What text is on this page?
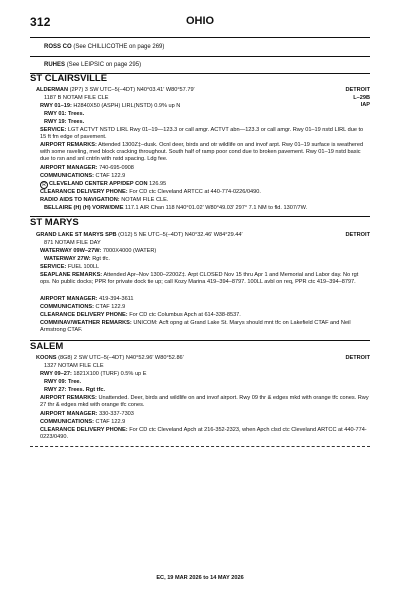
312	OHIO
ROSS CO (See CHILLICOTHE on page 269)
RUHES (See LEIPSIC on page 295)
ST CLAIRSVILLE
ALDERMAN (2P7) 3 SW UTC–5(–4DT) N40°03.41′ W80°57.79′	DETROIT
L–29B
IAP
1187 B NOTAM FILE CLE
RWY 01–19: H2840X50 (ASPH) LIRL(NSTD) 0.9% up N
RWY 01: Trees.
RWY 19: Trees.
SERVICE: LGT ACTVT NSTD LIRL Rwy 01–19—123.3 or call amgr. ACTVT abn—123.3 or call amgr. Rwy 01–19 nstd LIRL due to 15 ft fm edge of pavement.
AIRPORT REMARKS: Attended 1300Z‡–dusk. Ocnl deer, birds and otr wildlife on and invof arpt. Rwy 01–19 surface is weathered with some raveling, med block cracking throughout. South half of ramp poor cond due to broken pavement. Rwy 01–19 nstd basic due to rsn and snl cntrln with nstd spacing. Ldg fee.
AIRPORT MANAGER: 740-695-0908
COMMUNICATIONS: CTAF 122.9
R CLEVELAND CENTER APP/DEP CON 126.95
CLEARANCE DELIVERY PHONE: For CD ctc Cleveland ARTCC at 440-774-0226/0490.
RADIO AIDS TO NAVIGATION: NOTAM FILE CLE.
BELLAIRE (H) (H) VORW/DME 117.1 AIR Chan 118 N40°01.02′ W80°49.03′ 297° 7.1 NM to fld. 1307/7W.
ST MARYS
GRAND LAKE ST MARYS SPB (O12) 5 NE UTC–5(–4DT) N40°32.46′ W84°29.44′	DETROIT
871 NOTAM FILE DAY
WATERWAY 09W–27W: 7000X4000 (WATER)
WATERWAY 27W: Rgt tfc.
SERVICE: FUEL 100LL
SEAPLANE REMARKS: Attended Apr–Nov 1300–2200Z‡. Arpt CLOSED Nov 15 thru Apr 1 and Memorial and Labor day. No rgt ops. No public docks; PPR for private dock tie up; call Kozy Marina 419–394–8797. 100LL avbl on req, PPR ctc 419–394–8797.
AIRPORT MANAGER: 419-394-3611
COMMUNICATIONS: CTAF 122.9
CLEARANCE DELIVERY PHONE: For CD ctc Columbus Apch at 614-338-8537.
COMM/NAV/WEATHER REMARKS: UNICOM: Acft opng at Grand Lake St. Marys should mnt tfc on Lakefield CTAF and Neil Armstrong CTAF.
SALEM
KOONS (8G8) 2 SW UTC–5(–4DT) N40°52.96′ W80°52.86′	DETROIT
1327 NOTAM FILE CLE
RWY 09–27: 1821X100 (TURF) 0.5% up E
RWY 09: Tree.
RWY 27: Trees. Rgt tfc.
AIRPORT REMARKS: Unattended. Deer, birds and wildlife on and invof airport. Rwy 09 thr & edges mkd with orange tfc cones. Rwy 27 thr & edges mkd with orange tfc cones.
AIRPORT MANAGER: 330-337-7303
COMMUNICATIONS: CTAF 122.9
CLEARANCE DELIVERY PHONE: For CD ctc Cleveland Apch at 216-352-2323, when Apch clsd ctc Cleveland ARTCC at 440-774-0223/0490.
EC, 19 MAR 2026 to 14 MAY 2026
